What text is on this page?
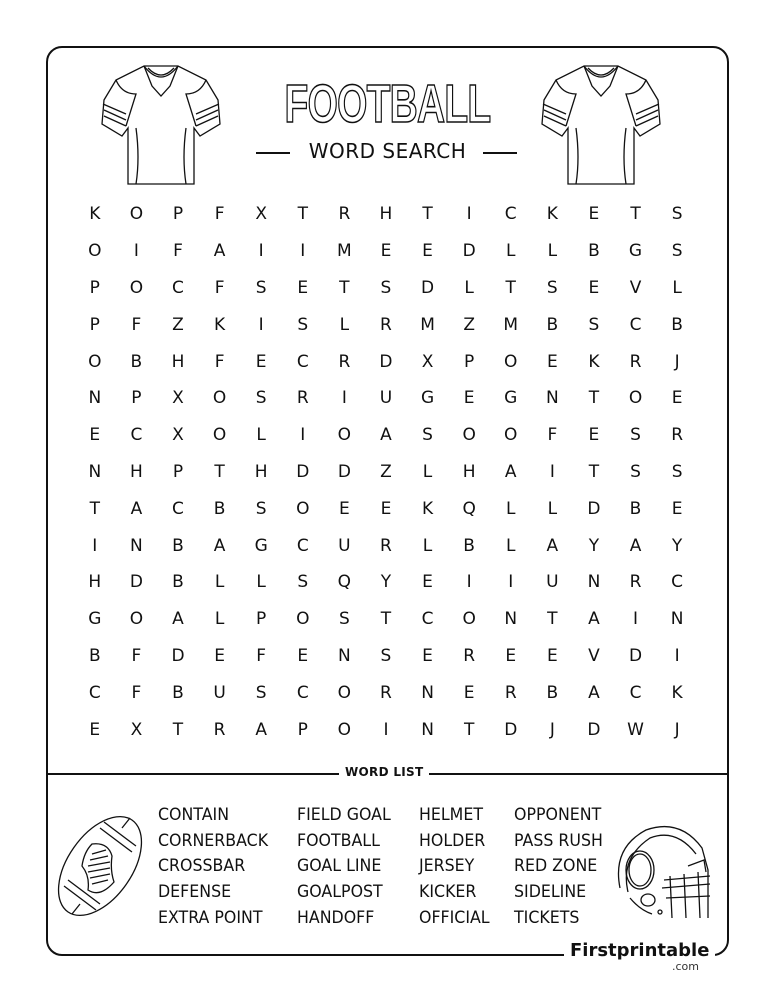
FOOTBALL
WORD SEARCH
K	O	P	F	X	T	R	H	T	I	C	K	E	T	S
O	I	F	A	I	I	M	E	E	D	L	L	B	G	S
P	O	C	F	S	E	T	S	D	L	T	S	E	V	L
P	F	Z	K	I	S	L	R	M	Z	M	B	S	C	B
O	B	H	F	E	C	R	D	X	P	O	E	K	R	J
N	P	X	O	S	R	I	U	G	E	G	N	T	O	E
E	C	X	O	L	I	O	A	S	O	O	F	E	S	R
N	H	P	T	H	D	D	Z	L	H	A	I	T	S	S
T	A	C	B	S	O	E	E	K	Q	L	L	D	B	E
I	N	B	A	G	C	U	R	L	B	L	A	Y	A	Y
H	D	B	L	L	S	Q	Y	E	I	I	U	N	R	C
G	O	A	L	P	O	S	T	C	O	N	T	A	I	N
B	F	D	E	F	E	N	S	E	R	E	E	V	D	I
C	F	B	U	S	C	O	R	N	E	R	B	A	C	K
E	X	T	R	A	P	O	I	N	T	D	J	D	W	J
WORD LIST
CONTAIN
CORNERBACK
CROSSBAR
DEFENSE
EXTRA POINT
FIELD GOAL
FOOTBALL
GOAL LINE
GOALPOST
HANDOFF
HELMET
HOLDER
JERSEY
KICKER
OFFICIAL
OPPONENT
PASS RUSH
RED ZONE
SIDELINE
TICKETS
Firstprintable
.com
